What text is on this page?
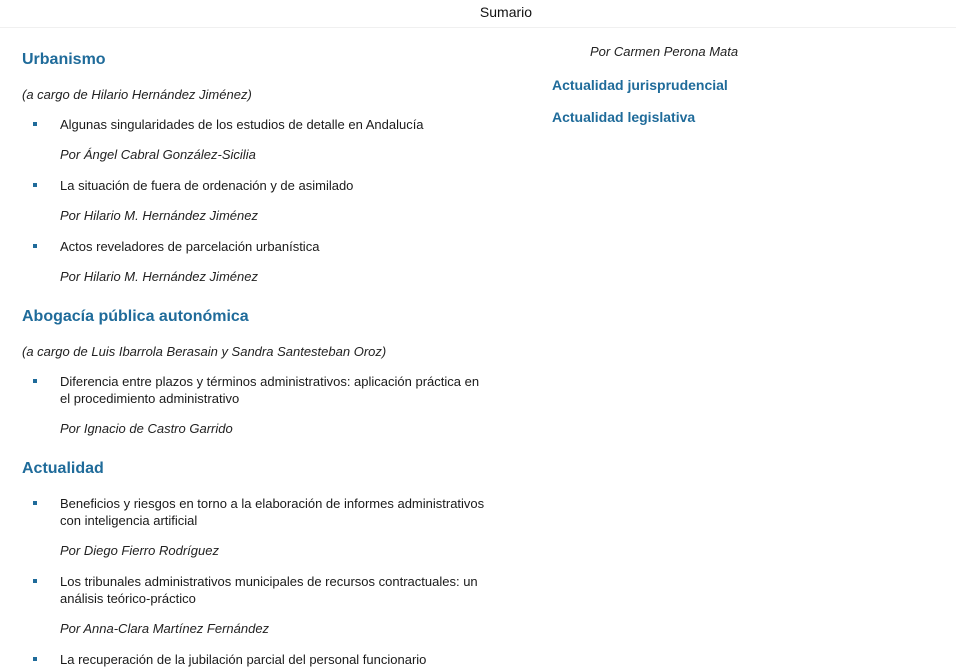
Sumario
Urbanismo
(a cargo de Hilario Hernández Jiménez)
Algunas singularidades de los estudios de detalle en Andalucía
Por Ángel Cabral González-Sicilia
La situación de fuera de ordenación y de asimilado
Por Hilario M. Hernández Jiménez
Actos reveladores de parcelación urbanística
Por Hilario M. Hernández Jiménez
Abogacía pública autonómica
(a cargo de Luis Ibarrola Berasain y Sandra Santesteban Oroz)
Diferencia entre plazos y términos administrativos: aplicación práctica en el procedimiento administrativo
Por Ignacio de Castro Garrido
Actualidad
Beneficios y riesgos en torno a la elaboración de informes administrativos con inteligencia artificial
Por Diego Fierro Rodríguez
Los tribunales administrativos municipales de recursos contractuales: un análisis teórico-práctico
Por Anna-Clara Martínez Fernández
La recuperación de la jubilación parcial del personal funcionario
Por Carmen Perona Mata
Actualidad jurisprudencial
Actualidad legislativa
